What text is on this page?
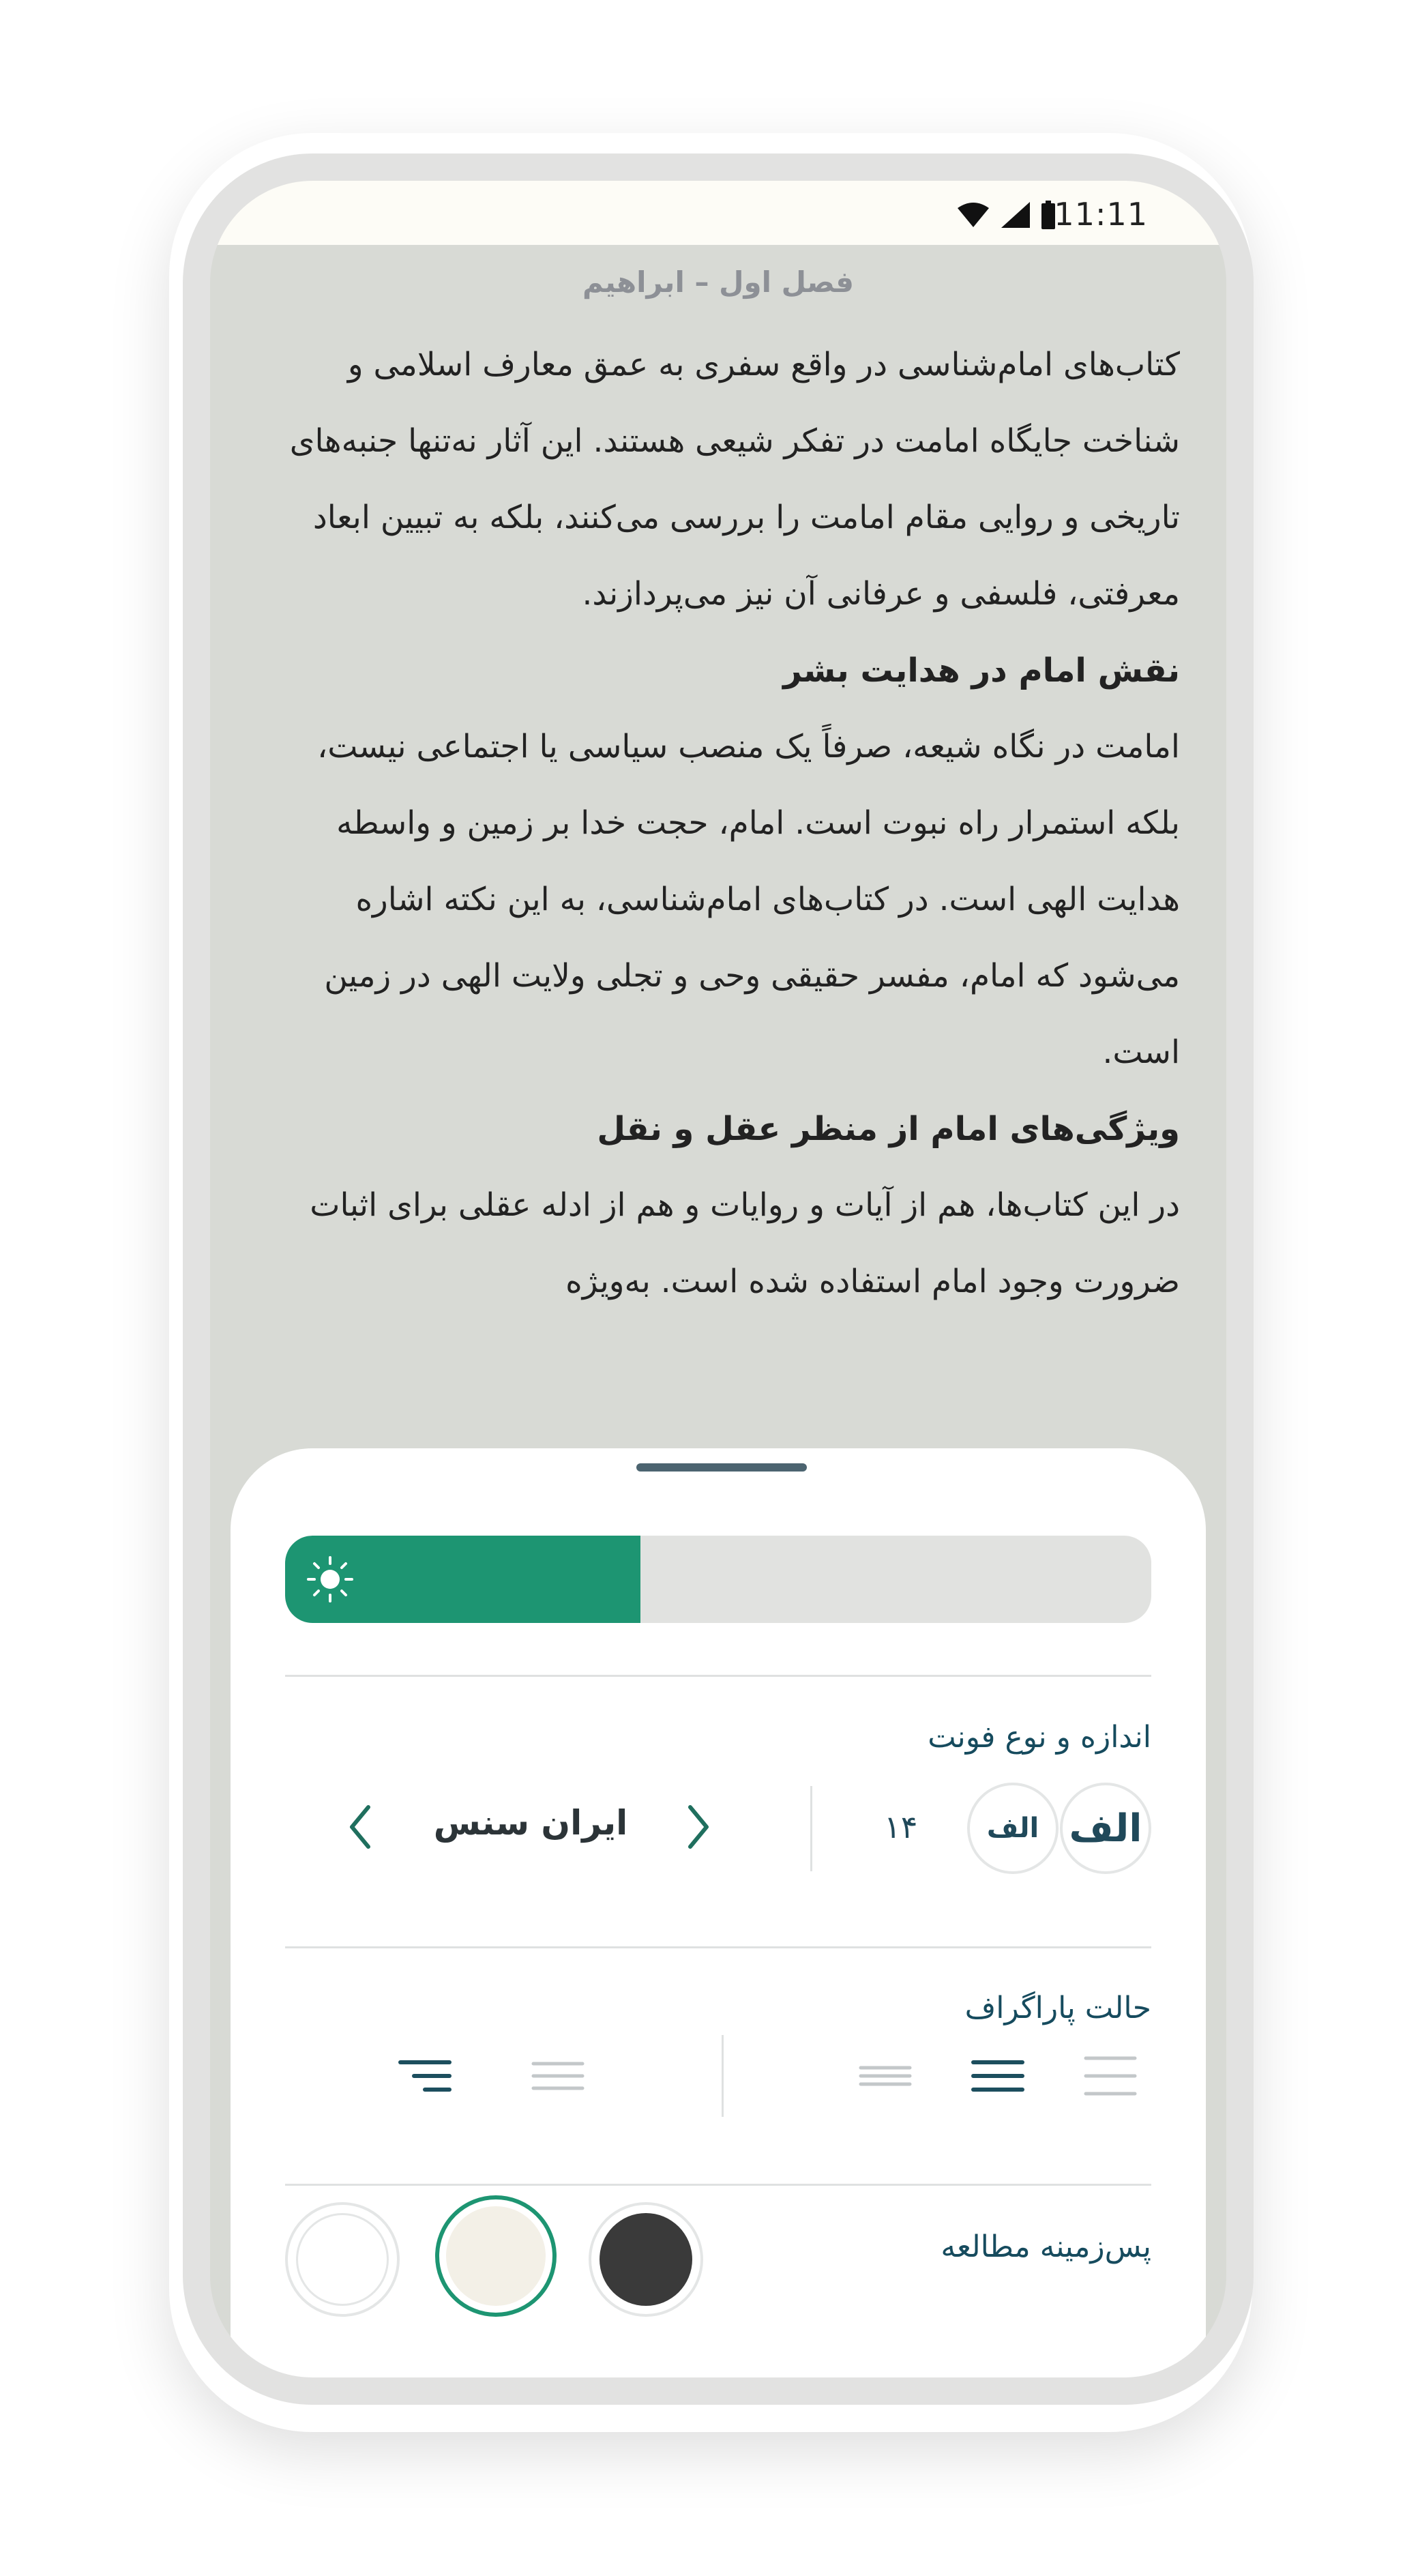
11:11
فصل اول – ابراهیم

کتاب‌های امام‌شناسی در واقع سفری به عمق معارف اسلامی و شناخت جایگاه امامت در تفکر شیعی هستند. این آثار نه‌تنها جنبه‌های تاریخی و روایی مقام امامت را بررسی می‌کنند، بلکه به تبیین ابعاد معرفتی، فلسفی و عرفانی آن نیز می‌پردازند.

نقش امام در هدایت بشر

امامت در نگاه شیعه، صرفاً یک منصب سیاسی یا اجتماعی نیست، بلکه استمرار راه نبوت است. امام، حجت خدا بر زمین و واسطه هدایت الهی است. در کتاب‌های امام‌شناسی، به این نکته اشاره می‌شود که امام، مفسر حقیقی وحی و تجلی ولایت الهی در زمین است.

ویژگی‌های امام از منظر عقل و نقل

در این کتاب‌ها، هم از آیات و روایات و هم از ادله عقلی برای اثبات ضرورت وجود امام استفاده شده است. به‌ویژه

اندازه و نوع فونت
الف
الف
۱۴
ایران سنس
حالت پاراگراف
پس‌زمینه مطالعه
